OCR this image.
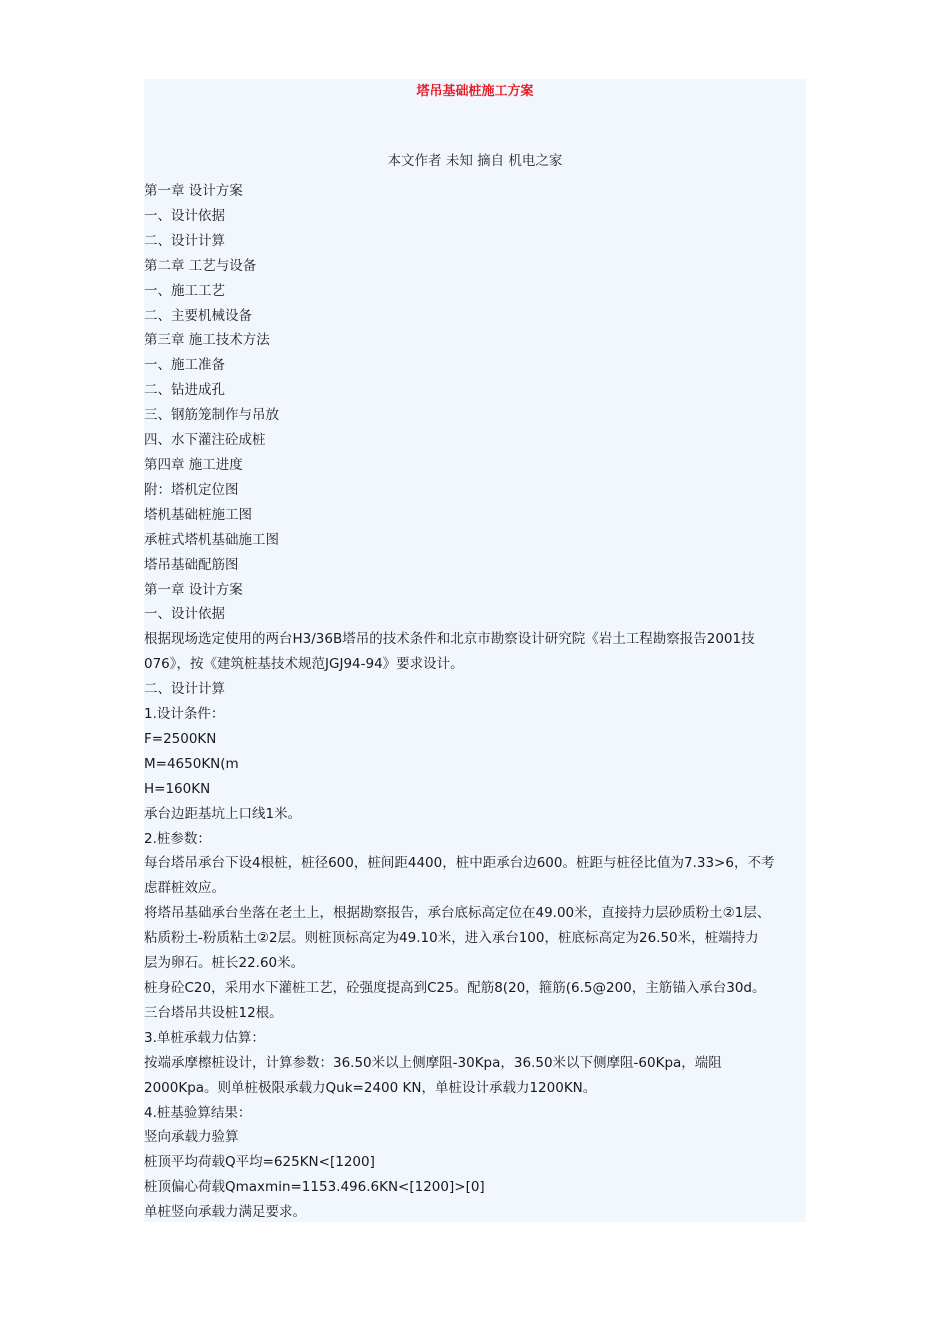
塔吊基础桩施工方案
本文作者 未知 摘自 机电之家
第一章 设计方案
一、设计依据
二、设计计算
第二章 工艺与设备
一、施工工艺
二、主要机械设备
第三章 施工技术方法
一、施工准备
二、钻进成孔
三、钢筋笼制作与吊放
四、水下灌注砼成桩
第四章 施工进度
附：塔机定位图
塔机基础桩施工图
承桩式塔机基础施工图
塔吊基础配筋图
第一章 设计方案
一、设计依据
根据现场选定使用的两台H3/36B塔吊的技术条件和北京市勘察设计研究院《岩土工程勘察报告2001技
076》，按《建筑桩基技术规范JGJ94-94》要求设计。
二、设计计算
1.设计条件：
F=2500KN
M=4650KN(m
H=160KN
承台边距基坑上口线1米。
2.桩参数：
每台塔吊承台下设4根桩，桩径600，桩间距4400，桩中距承台边600。桩距与桩径比值为7.33>6，不考
虑群桩效应。
将塔吊基础承台坐落在老土上，根据勘察报告，承台底标高定位在49.00米，直接持力层砂质粉土②1层、
粘质粉土-粉质粘土②2层。则桩顶标高定为49.10米，进入承台100，桩底标高定为26.50米，桩端持力
层为卵石。桩长22.60米。
桩身砼C20，采用水下灌桩工艺，砼强度提高到C25。配筋8(20，箍筋(6.5@200，主筋锚入承台30d。
三台塔吊共设桩12根。
3.单桩承载力估算：
按端承摩檫桩设计，计算参数：36.50米以上侧摩阻-30Kpa，36.50米以下侧摩阻-60Kpa，端阻
2000Kpa。则单桩极限承载力Quk=2400 KN，单桩设计承载力1200KN。
4.桩基验算结果：
竖向承载力验算
桩顶平均荷载Q平均=625KN<[1200]
桩顶偏心荷载Qmaxmin=1153.496.6KN<[1200]>[0]
单桩竖向承载力满足要求。
